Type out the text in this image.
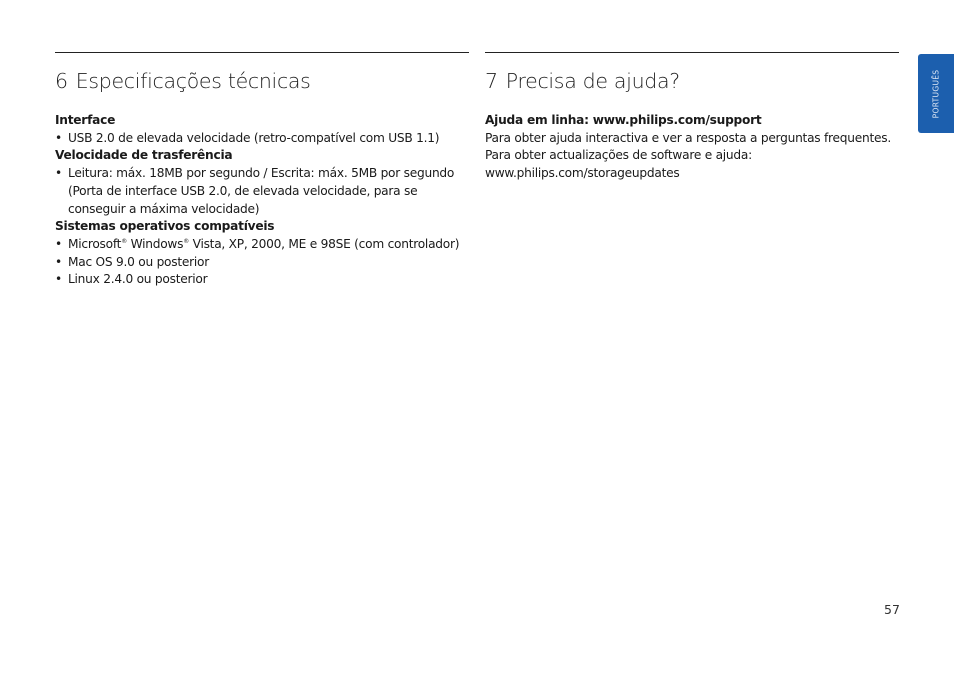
6 Especificações técnicas
Interface
• USB 2.0 de elevada velocidade (retro-compatível com USB 1.1)
Velocidade de trasferência
• Leitura: máx. 18MB por segundo / Escrita: máx. 5MB por segundo (Porta de interface USB 2.0, de elevada velocidade, para se conseguir a máxima velocidade)
Sistemas operativos compatíveis
• Microsoft® Windows® Vista, XP, 2000, ME e 98SE (com controlador)
• Mac OS 9.0 ou posterior
• Linux 2.4.0 ou posterior
7 Precisa de ajuda?
Ajuda em linha: www.philips.com/support

Para obter ajuda interactiva e ver a resposta a perguntas frequentes.

Para obter actualizações de software e ajuda:

www.philips.com/storageupdates

PORTUGUÊS
57
